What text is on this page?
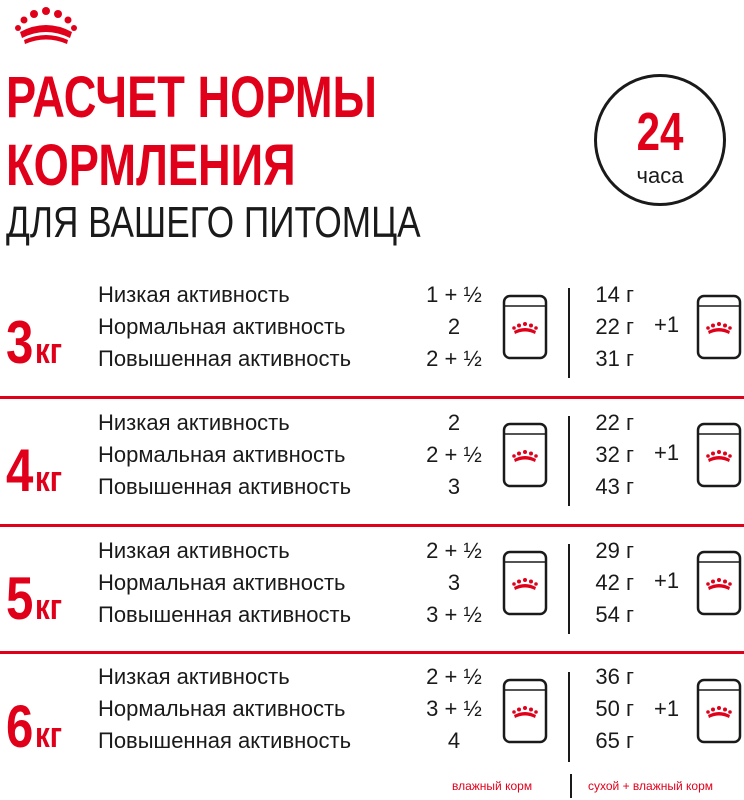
РАСЧЕТ НОРМЫ
КОРМЛЕНИЯ
ДЛЯ ВАШЕГО ПИТОМЦА
24
часа
3кг
Низкая активность	1 + ½	14 г
Нормальная активность	2	22 г
Повышенная активность	2 + ½	31 г
+1
4кг
Низкая активность	2	22 г
Нормальная активность	2 + ½	32 г
Повышенная активность	3	43 г
+1
5кг
Низкая активность	2 + ½	29 г
Нормальная активность	3	42 г
Повышенная активность	3 + ½	54 г
+1
6кг
Низкая активность	2 + ½	36 г
Нормальная активность	3 + ½	50 г
Повышенная активность	4	65 г
+1
влажный корм	сухой + влажный корм
